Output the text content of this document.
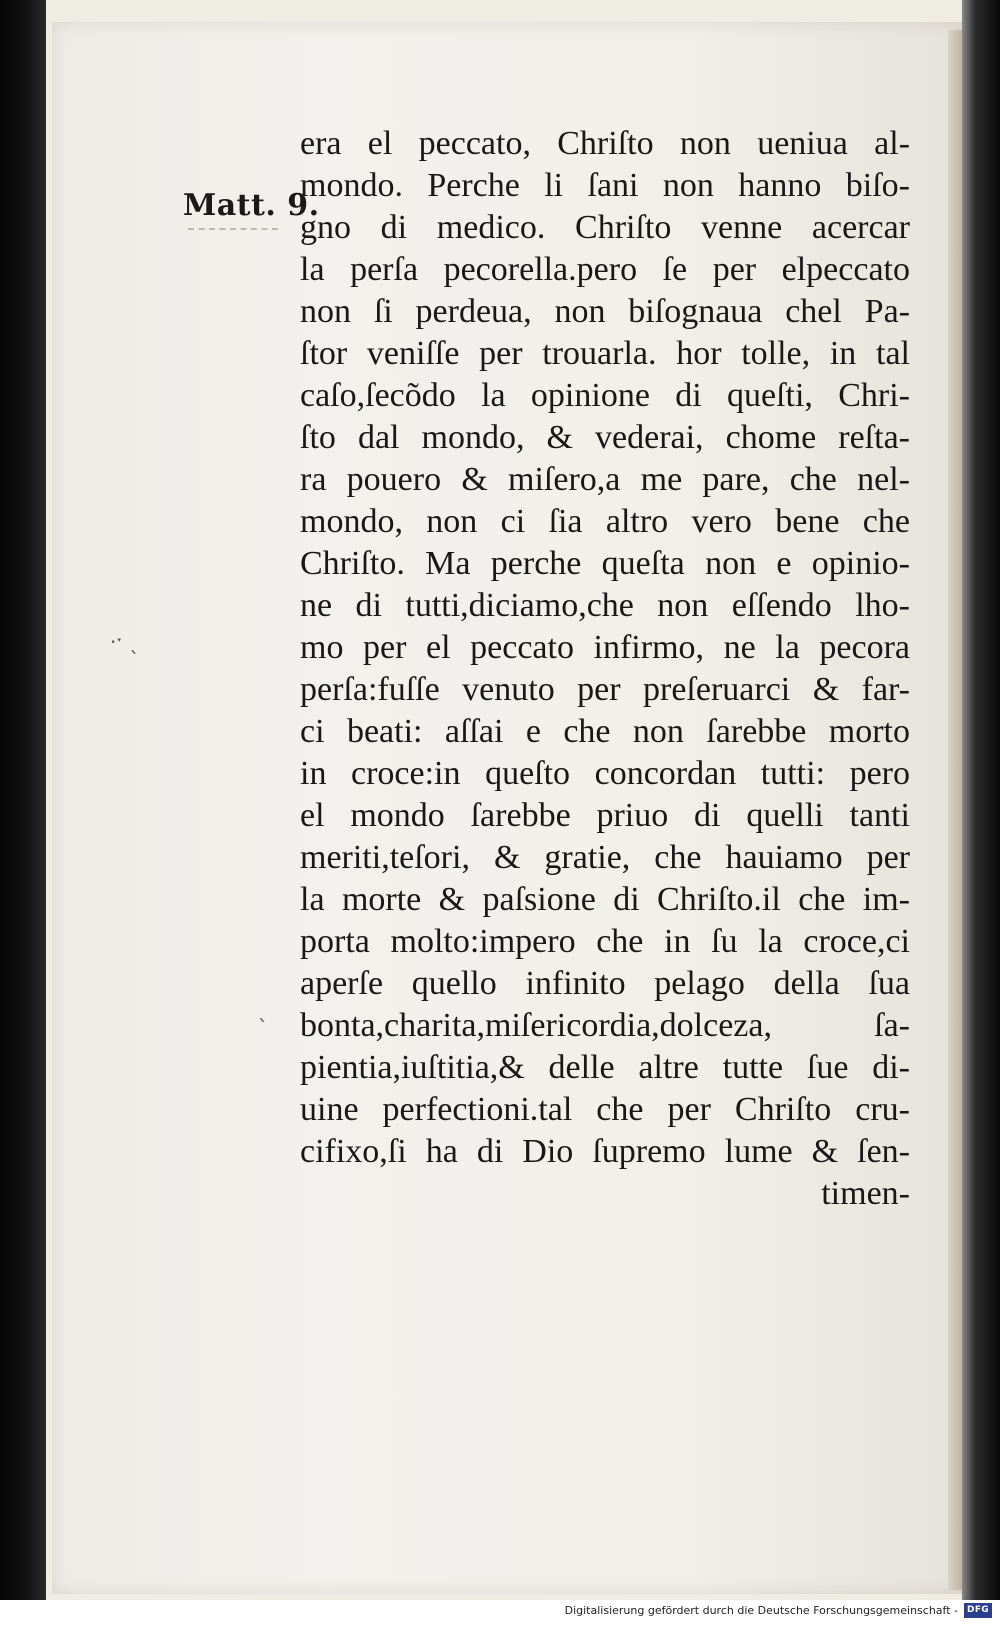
Matt. 9.
·ˑ ˎ
ˎ
era el peccato, Chriſto non ueniua al-
mondo. Perche li ſani non hanno biſo-
gno di medico. Chriſto venne acercar
la perſa pecorella.pero ſe per elpeccato
non ſi perdeua, non biſognaua chel Pa-
ſtor veniſſe per trouarla. hor tolle, in tal
caſo,ſecõdo la opinione di queſti, Chri-
ſto dal mondo, & vederai, chome reſta-
ra pouero & miſero,a me pare, che nel-
mondo, non ci ſia altro vero bene che
Chriſto. Ma perche queſta non e opinio-
ne di tutti,diciamo,che non eſſendo lho-
mo per el peccato infirmo, ne la pecora
perſa:fuſſe venuto per preſeruarci & far-
ci beati: aſſai e che non ſarebbe morto
in croce:in queſto concordan tutti: pero
el mondo ſarebbe priuo di quelli tanti
meriti,teſori, & gratie, che hauiamo per
la morte & paſsione di Chriſto.il che im-
porta molto:impero che in ſu la croce,ci
aperſe quello infinito pelago della ſua
bonta,charita,miſericordia,dolceza, ſa-
pientia,iuſtitia,& delle altre tutte ſue di-
uine perfectioni.tal che per Chriſto cru-
cifixo,ſi ha di Dio ſupremo lume & ſen-
timen-
Digitalisierung gefördert durch die Deutsche Forschungsgemeinschaft -	DFG
